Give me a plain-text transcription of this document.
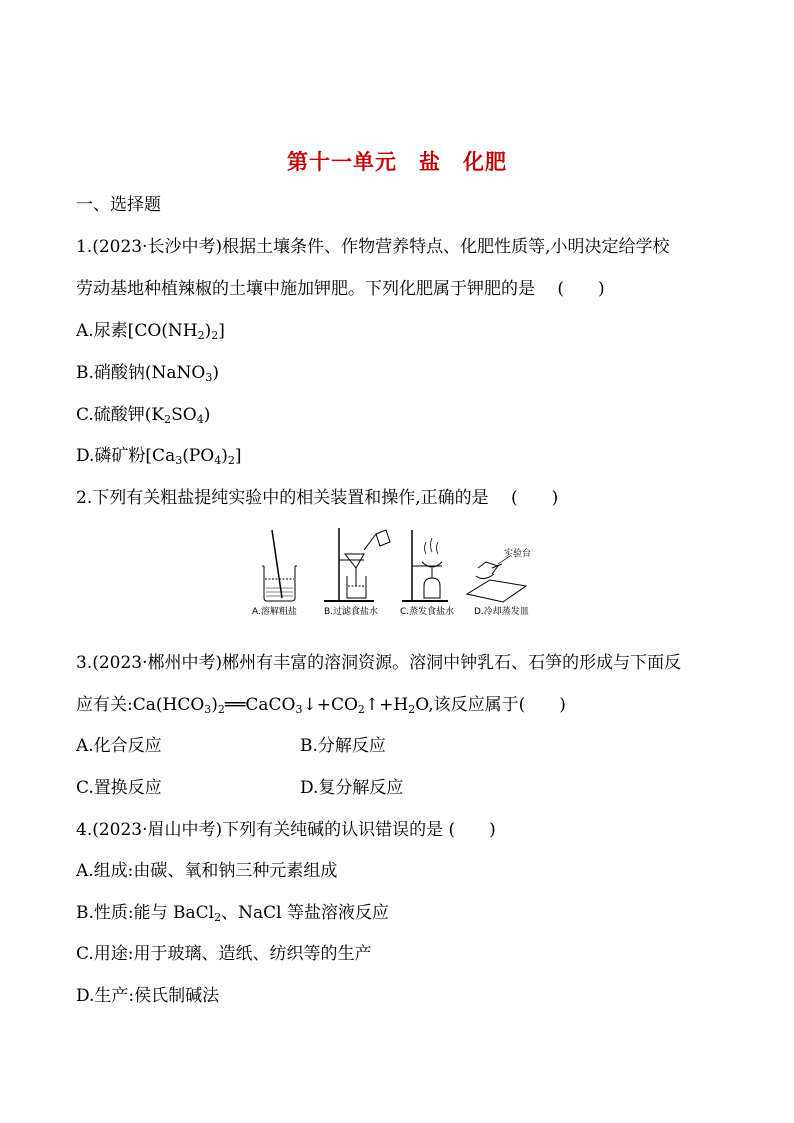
第十一单元　盐　化肥
一、选择题
1.(2023·长沙中考)根据土壤条件、作物营养特点、化肥性质等,小明决定给学校
劳动基地种植辣椒的土壤中施加钾肥。下列化肥属于钾肥的是　 (　　)
A.尿素$[CO(NH_2)_2]$
B.硝酸钠(NaNO$_3$)
C.硫酸钾$(K_2SO_4)$
D.磷矿粉$[Ca_3(PO_4)_2]$
2.下列有关粗盐提纯实验中的相关装置和操作,正确的是　 (　　)
实验台
A.溶解粗盐	B.过滤食盐水 C.蒸发食盐水 D.冷却蒸发皿
3.(2023·郴州中考)郴州有丰富的溶洞资源。溶洞中钟乳石、石笋的形成与下面反
应有关$:Ca(HCO_3)_2══CaCO_3↓+CO_2↑+H_2O$,该反应属于(　　)
A.化合反应	B.分解反应
C.置换反应	D.复分解反应
4.(2023·眉山中考)下列有关纯碱的认识错误的是 (　　)
A.组成:由碳、氧和钠三种元素组成
B.性质:能与 BaCl$_2$、NaCl 等盐溶液反应
C.用途:用于玻璃、造纸、纺织等的生产
D.生产:侯氏制碱法
